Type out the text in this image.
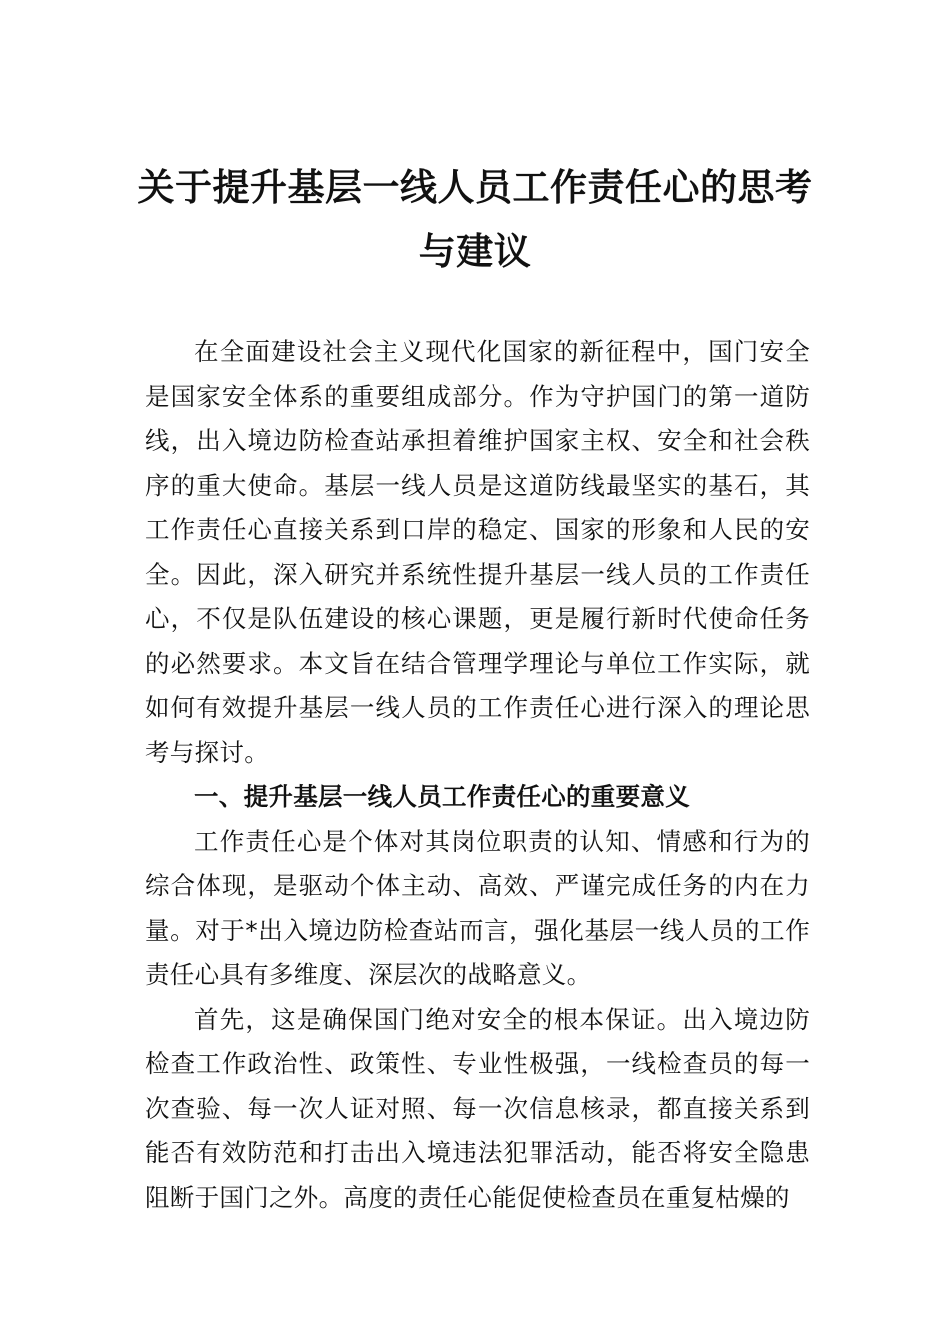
关于提升基层一线人员工作责任心的思考
与建议

在全面建设社会主义现代化国家的新征程中，国门安全是国家安全体系的重要组成部分。作为守护国门的第一道防线，出入境边防检查站承担着维护国家主权、安全和社会秩序的重大使命。基层一线人员是这道防线最坚实的基石，其工作责任心直接关系到口岸的稳定、国家的形象和人民的安全。因此，深入研究并系统性提升基层一线人员的工作责任心，不仅是队伍建设的核心课题，更是履行新时代使命任务的必然要求。本文旨在结合管理学理论与单位工作实际，就如何有效提升基层一线人员的工作责任心进行深入的理论思考与探讨。

一、提升基层一线人员工作责任心的重要意义

工作责任心是个体对其岗位职责的认知、情感和行为的综合体现，是驱动个体主动、高效、严谨完成任务的内在力量。对于*出入境边防检查站而言，强化基层一线人员的工作责任心具有多维度、深层次的战略意义。

首先，这是确保国门绝对安全的根本保证。出入境边防检查工作政治性、政策性、专业性极强，一线检查员的每一次查验、每一次人证对照、每一次信息核录，都直接关系到能否有效防范和打击出入境违法犯罪活动，能否将安全隐患阻断于国门之外。高度的责任心能促使检查员在重复枯燥的
